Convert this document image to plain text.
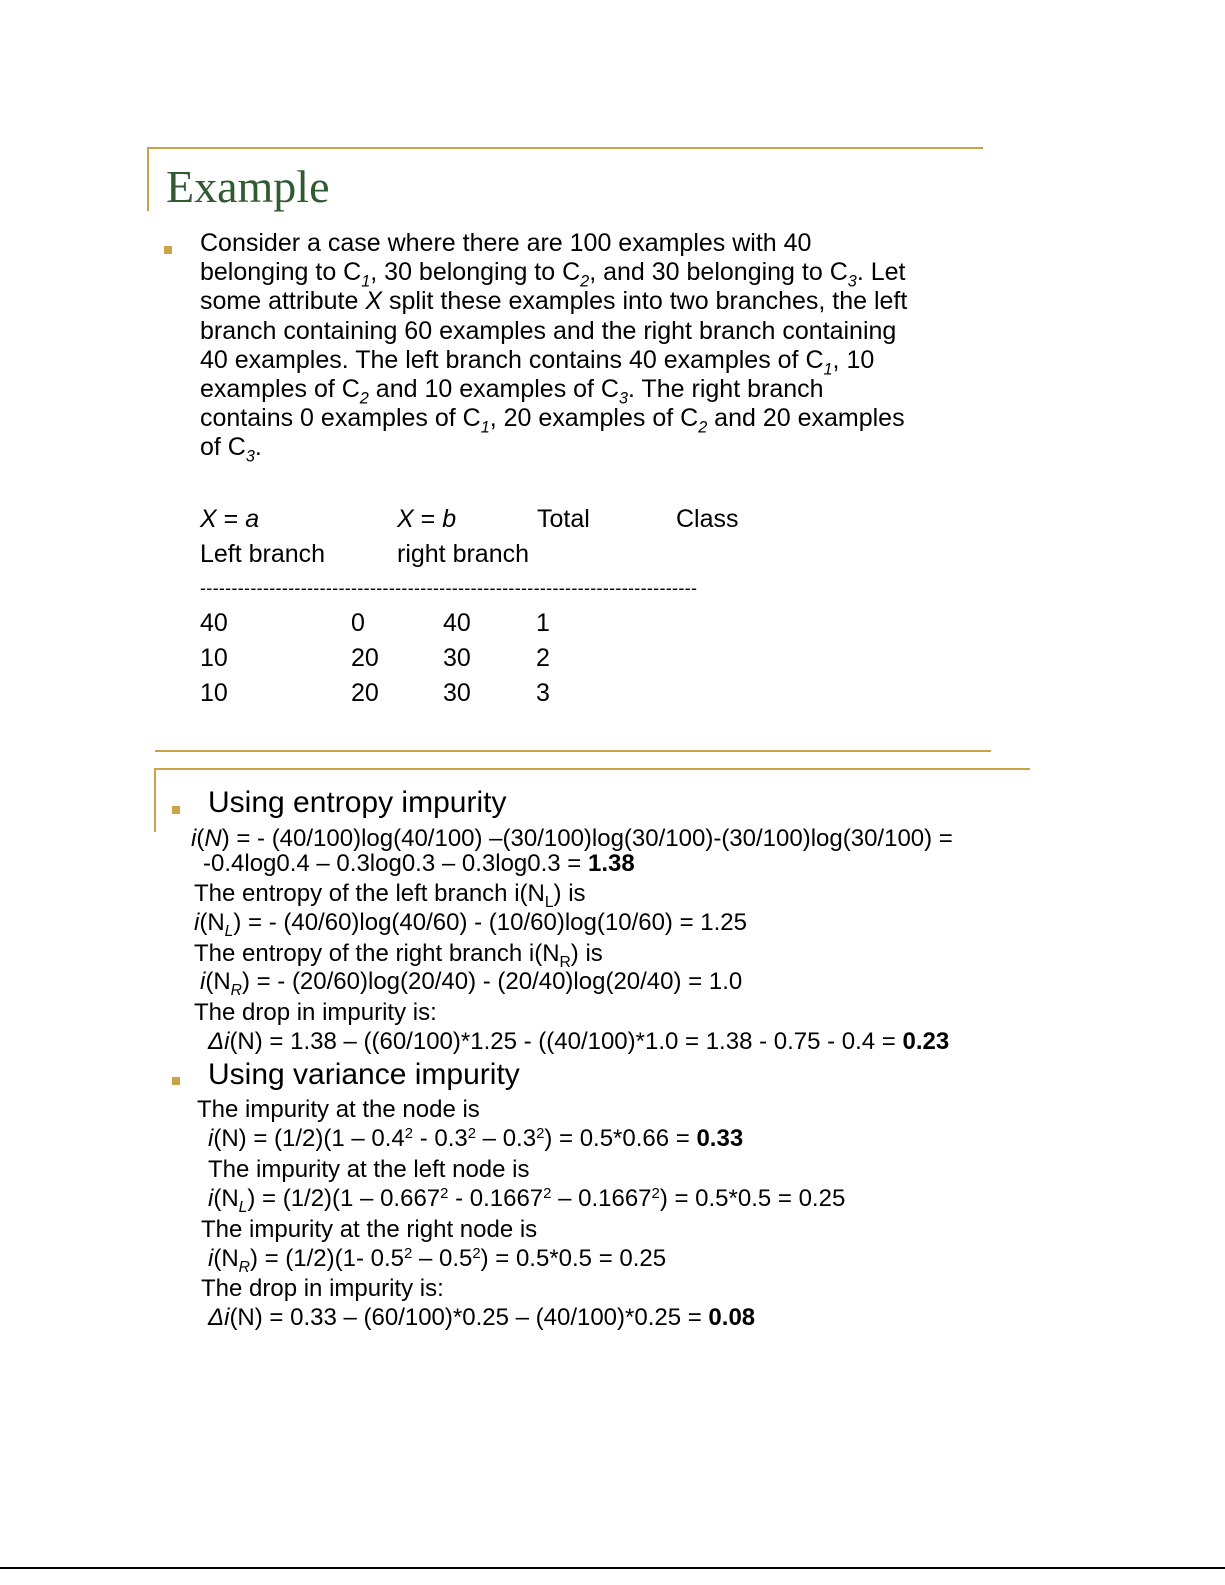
Example
Consider a case where there are 100 examples with 40
belonging to $C_1$, 30 belonging to $C_2$, and 30 belonging to $C_3$. Let
some attribute X split these examples into two branches, the left
branch containing 60 examples and the right branch containing
40 examples. The left branch contains 40 examples of $C_1$, 10
examples of $C_2$ and 10 examples of $C_3$. The right branch
contains 0 examples of $C_1$, 20 examples of $C_2$ and 20 examples
of $C_3$.
X = a	X = b	Total	Class
Left branch	right branch
-------------------------------------------------------------------------------
40	0	40	1
10	20	30	2
10	20	30	3
Using entropy impurity
i(N) = - (40/100)log(40/100) –(30/100)log(30/100)-(30/100)log(30/100) =
-0.4log0.4 – 0.3log0.3 – 0.3log0.3 = 1.38
The entropy of the left branch $i(N_L)$ is
$i(N_L)$ = - (40/60)log(40/60) - (10/60)log(10/60) = 1.25
The entropy of the right branch $i(N_R)$ is
$i(N_R)$ = - (20/60)log(20/40) - (20/40)log(20/40) = 1.0
The drop in impurity is:
Δi(N) = 1.38 – ((60/100)*1.25 - ((40/100)*1.0 = 1.38 - 0.75 - 0.4 = 0.23
Using variance impurity
The impurity at the node is
$i(N) = (1/2)(1 - 0.4^2 - 0.3^2 - 0.3^2) = 0.5*0.66 = 0.33$
The impurity at the left node is
$i(N_L) = (1/2)(1 - 0.667^2 - 0.1667^2 - 0.1667^2) = 0.5*0.5 = 0.25$
The impurity at the right node is
$i(N_R) = (1/2)(1-$ $0.5^2 - 0.5^2) = 0.5*0.5 = 0.25$
The drop in impurity is:
Δi(N) = 0.33 – (60/100)*0.25 – (40/100)*0.25 = 0.08
